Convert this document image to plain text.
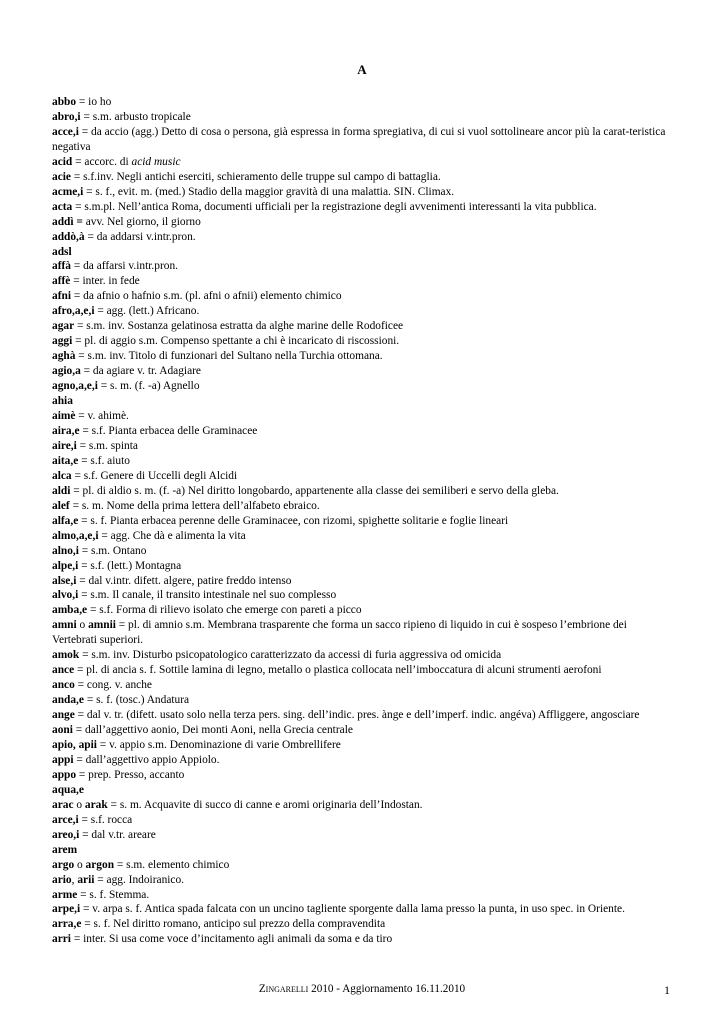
A

abbo = io ho

abro,i = s.m. arbusto tropicale

acce,i = da accio (agg.) Detto di cosa o persona, già espressa in forma spregiativa, di cui si vuol sottolineare ancor più la carat-teristica negativa

acid = accorc. di acid music

acie = s.f.inv. Negli antichi eserciti, schieramento delle truppe sul campo di battaglia.

acme,i = s. f., evit. m. (med.) Stadio della maggior gravità di una malattia. SIN. Climax.

acta = s.m.pl. Nell’antica Roma, documenti ufficiali per la registrazione degli avvenimenti interessanti la vita pubblica.

addì = avv. Nel giorno, il giorno

addò,à = da addarsi v.intr.pron.

adsl

affà = da affarsi v.intr.pron.

affè = inter. in fede

afni = da afnio o hafnio s.m. (pl. afni o afnii) elemento chimico

afro,a,e,i = agg. (lett.) Africano.

agar = s.m. inv. Sostanza gelatinosa estratta da alghe marine delle Rodoficee

aggi = pl. di aggio s.m. Compenso spettante a chi è incaricato di riscossioni.

aghà = s.m. inv. Titolo di funzionari del Sultano nella Turchia ottomana.

agio,a = da agiare v. tr. Adagiare

agno,a,e,i = s. m. (f. -a) Agnello

ahia

aimè = v. ahimè.

aira,e = s.f. Pianta erbacea delle Graminacee

aire,i = s.m. spinta

aita,e = s.f. aiuto

alca = s.f. Genere di Uccelli degli Alcidi

aldi = pl. di aldio s. m. (f. -a) Nel diritto longobardo, appartenente alla classe dei semiliberi e servo della gleba.

alef = s. m. Nome della prima lettera dell’alfabeto ebraico.

alfa,e = s. f. Pianta erbacea perenne delle Graminacee, con rizomi, spighette solitarie e foglie lineari

almo,a,e,i = agg. Che dà e alimenta la vita

alno,i = s.m. Ontano

alpe,i = s.f. (lett.) Montagna

alse,i = dal v.intr. difett. algere, patire freddo intenso

alvo,i = s.m. Il canale, il transito intestinale nel suo complesso

amba,e = s.f. Forma di rilievo isolato che emerge con pareti a picco

amni o amnii = pl. di amnio s.m. Membrana trasparente che forma un sacco ripieno di liquido in cui è sospeso l’embrione dei Vertebrati superiori.

amok = s.m. inv. Disturbo psicopatologico caratterizzato da accessi di furia aggressiva od omicida

ance = pl. di ancia s. f. Sottile lamina di legno, metallo o plastica collocata nell’imboccatura di alcuni strumenti aerofoni

anco = cong. v. anche

anda,e = s. f. (tosc.) Andatura

ange = dal v. tr. (difett. usato solo nella terza pers. sing. dell’indic. pres. ànge e dell’imperf. indic. angéva) Affliggere, angosciare

aoni = dall’aggettivo aonio, Dei monti Aoni, nella Grecia centrale

apio, apii = v. appio s.m. Denominazione di varie Ombrellifere

appi = dall’aggettivo appio Appiolo.

appo = prep. Presso, accanto

aqua,e

arac o arak = s. m. Acquavite di succo di canne e aromi originaria dell’Indostan.

arce,i = s.f. rocca

areo,i = dal v.tr. areare

arem

argo o argon = s.m. elemento chimico

ario, arii = agg. Indoiranico.

arme = s. f. Stemma.

arpe,i = v. arpa s. f. Antica spada falcata con un uncino tagliente sporgente dalla lama presso la punta, in uso spec. in Oriente.

arra,e = s. f. Nel diritto romano, anticipo sul prezzo della compravendita

arri = inter. Si usa come voce d’incitamento agli animali da soma e da tiro

Zingarelli 2010 - Aggiornamento 16.11.2010	1
